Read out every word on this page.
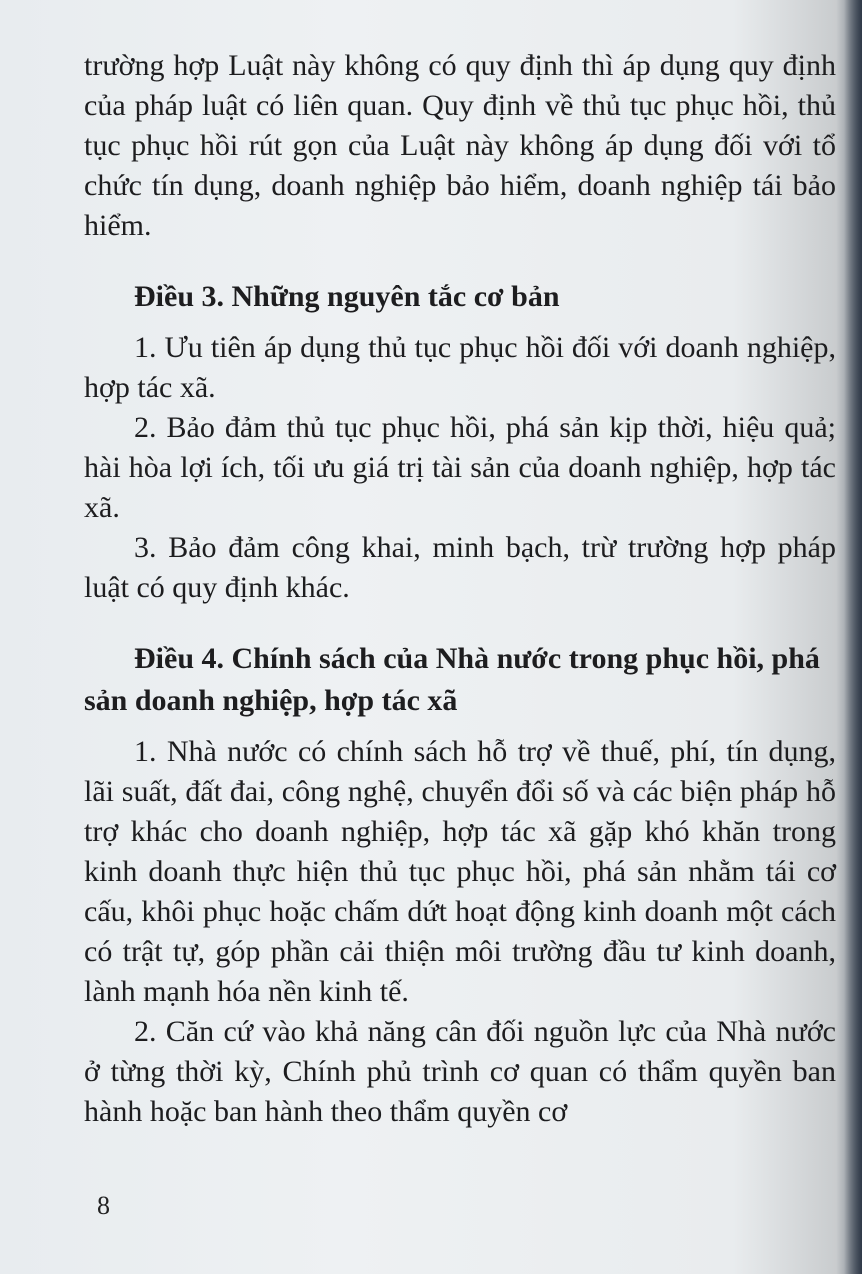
trường hợp Luật này không có quy định thì áp dụng quy định của pháp luật có liên quan. Quy định về thủ tục phục hồi, thủ tục phục hồi rút gọn của Luật này không áp dụng đối với tổ chức tín dụng, doanh nghiệp bảo hiểm, doanh nghiệp tái bảo hiểm.

Điều 3. Những nguyên tắc cơ bản

1. Ưu tiên áp dụng thủ tục phục hồi đối với doanh nghiệp, hợp tác xã.

2. Bảo đảm thủ tục phục hồi, phá sản kịp thời, hiệu quả; hài hòa lợi ích, tối ưu giá trị tài sản của doanh nghiệp, hợp tác xã.

3. Bảo đảm công khai, minh bạch, trừ trường hợp pháp luật có quy định khác.

Điều 4. Chính sách của Nhà nước trong phục hồi, phá sản doanh nghiệp, hợp tác xã

1. Nhà nước có chính sách hỗ trợ về thuế, phí, tín dụng, lãi suất, đất đai, công nghệ, chuyển đổi số và các biện pháp hỗ trợ khác cho doanh nghiệp, hợp tác xã gặp khó khăn trong kinh doanh thực hiện thủ tục phục hồi, phá sản nhằm tái cơ cấu, khôi phục hoặc chấm dứt hoạt động kinh doanh một cách có trật tự, góp phần cải thiện môi trường đầu tư kinh doanh, lành mạnh hóa nền kinh tế.

2. Căn cứ vào khả năng cân đối nguồn lực của Nhà nước ở từng thời kỳ, Chính phủ trình cơ quan có thẩm quyền ban hành hoặc ban hành theo thẩm quyền cơ

8
